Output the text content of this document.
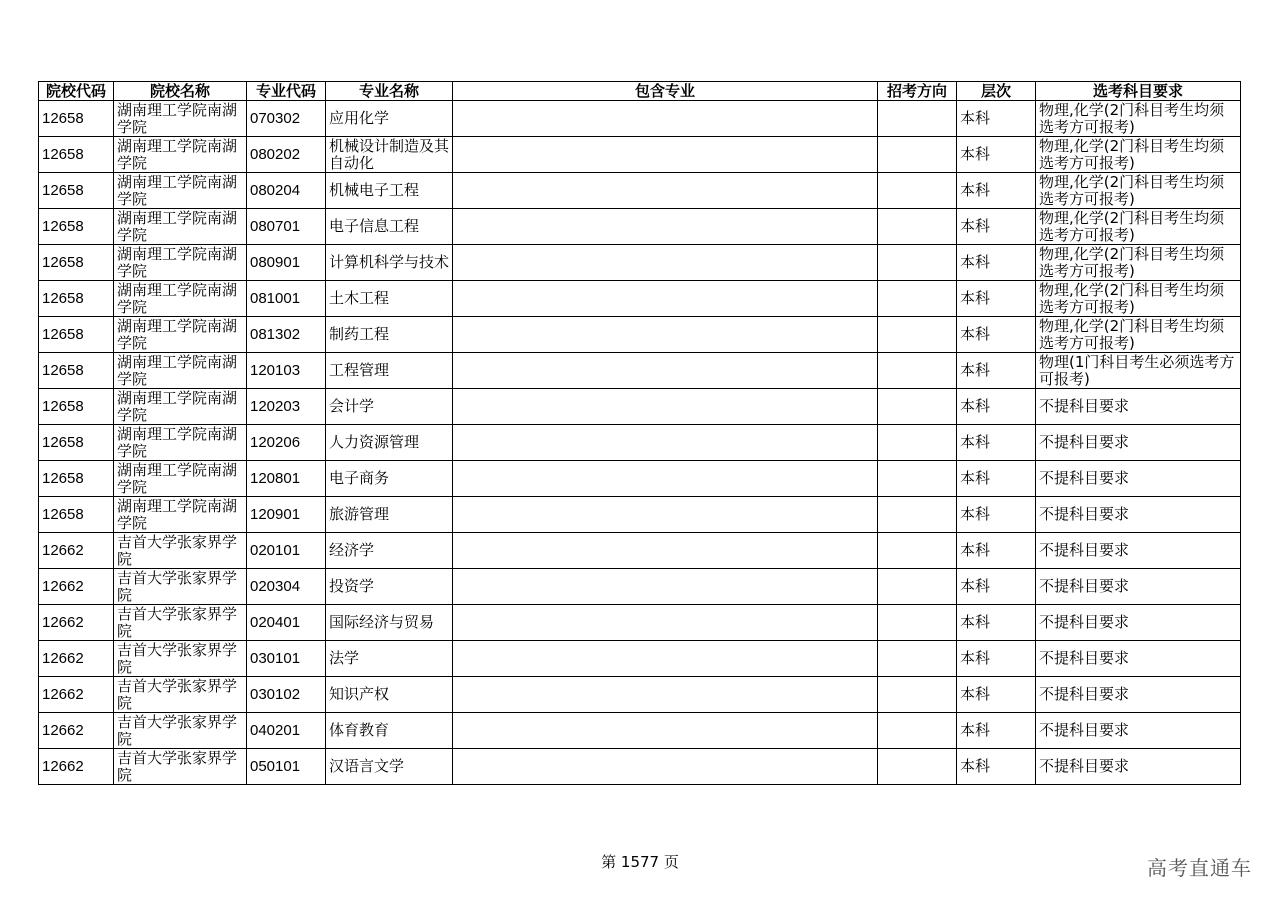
院校代码	院校名称	专业代码	专业名称	包含专业	招考方向	层次	选考科目要求
12658	湖南理工学院南湖学院	070302	应用化学			本科	物理,化学(2门科目考生均须选考方可报考)
12658	湖南理工学院南湖学院	080202	机械设计制造及其自动化			本科	物理,化学(2门科目考生均须选考方可报考)
12658	湖南理工学院南湖学院	080204	机械电子工程			本科	物理,化学(2门科目考生均须选考方可报考)
12658	湖南理工学院南湖学院	080701	电子信息工程			本科	物理,化学(2门科目考生均须选考方可报考)
12658	湖南理工学院南湖学院	080901	计算机科学与技术			本科	物理,化学(2门科目考生均须选考方可报考)
12658	湖南理工学院南湖学院	081001	土木工程			本科	物理,化学(2门科目考生均须选考方可报考)
12658	湖南理工学院南湖学院	081302	制药工程			本科	物理,化学(2门科目考生均须选考方可报考)
12658	湖南理工学院南湖学院	120103	工程管理			本科	物理(1门科目考生必须选考方可报考)
12658	湖南理工学院南湖学院	120203	会计学			本科	不提科目要求
12658	湖南理工学院南湖学院	120206	人力资源管理			本科	不提科目要求
12658	湖南理工学院南湖学院	120801	电子商务			本科	不提科目要求
12658	湖南理工学院南湖学院	120901	旅游管理			本科	不提科目要求
12662	吉首大学张家界学院	020101	经济学			本科	不提科目要求
12662	吉首大学张家界学院	020304	投资学			本科	不提科目要求
12662	吉首大学张家界学院	020401	国际经济与贸易			本科	不提科目要求
12662	吉首大学张家界学院	030101	法学			本科	不提科目要求
12662	吉首大学张家界学院	030102	知识产权			本科	不提科目要求
12662	吉首大学张家界学院	040201	体育教育			本科	不提科目要求
12662	吉首大学张家界学院	050101	汉语言文学			本科	不提科目要求
第 1577 页	高考直通车
